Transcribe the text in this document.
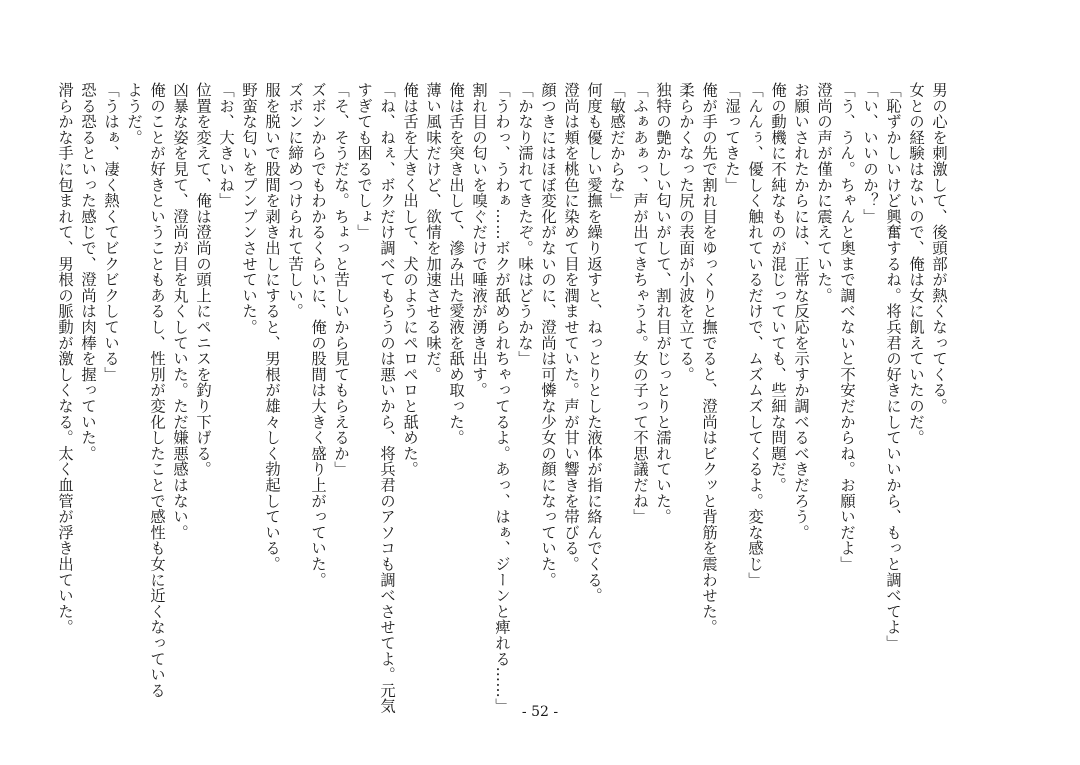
男の心を刺激して、後頭部が熱くなってくる。
女との経験はないので、俺は女に飢えていたのだ。
「恥ずかしいけど興奮するね。将兵君の好きにしていいから、もっと調べてよ」
「い、いいのか？」
「う、うん。ちゃんと奥まで調べないと不安だからね。お願いだよ」
澄尚の声が僅かに震えていた。
お願いされたからには、正常な反応を示すか調べるべきだろう。
俺の動機に不純なものが混じっていても、些細な問題だ。
「んんぅ、優しく触れているだけで、ムズムズしてくるよ。変な感じ」
「湿ってきた」
俺が手の先で割れ目をゆっくりと撫でると、澄尚はビクッと背筋を震わせた。
柔らかくなった尻の表面が小波を立てる。
独特の艶かしい匂いがして、割れ目がじっとりと濡れていた。
「ふぁあぁっ、声が出てきちゃうよ。女の子って不思議だね」
「敏感だからな」
何度も優しい愛撫を繰り返すと、ねっとりとした液体が指に絡んでくる。
澄尚は頬を桃色に染めて目を潤ませていた。声が甘い響きを帯びる。
顔つきにはほぼ変化がないのに、澄尚は可憐な少女の顔になっていた。
「かなり濡れてきたぞ。味はどうかな」
「うわっ、うわぁ……ボクが舐められちゃってるよ。あっ、はぁ、ジーンと痺れる……」
割れ目の匂いを嗅ぐだけで唾液が湧き出す。
俺は舌を突き出して、滲み出た愛液を舐め取った。
薄い風味だけど、欲情を加速させる味だ。
俺は舌を大きく出して、犬のようにペロペロと舐めた。
「ね、ねぇ、ボクだけ調べてもらうのは悪いから、将兵君のアソコも調べさせてよ。元気
すぎても困るでしょ」
「そ、そうだな。ちょっと苦しいから見てもらえるか」
ズボンからでもわかるくらいに、俺の股間は大きく盛り上がっていた。
ズボンに締めつけられて苦しい。
服を脱いで股間を剥き出しにすると、男根が雄々しく勃起している。
野蛮な匂いをプンプンさせていた。
「お、大きいね」
位置を変えて、俺は澄尚の頭上にペニスを釣り下げる。
凶暴な姿を見て、澄尚が目を丸くしていた。ただ嫌悪感はない。
俺のことが好きということもあるし、性別が変化したことで感性も女に近くなっている
ようだ。
「うはぁ、凄く熱くてビクビクしている」
恐る恐るといった感じで、澄尚は肉棒を握っていた。
滑らかな手に包まれて、男根の脈動が激しくなる。太く血管が浮き出ていた。
- 52 -
